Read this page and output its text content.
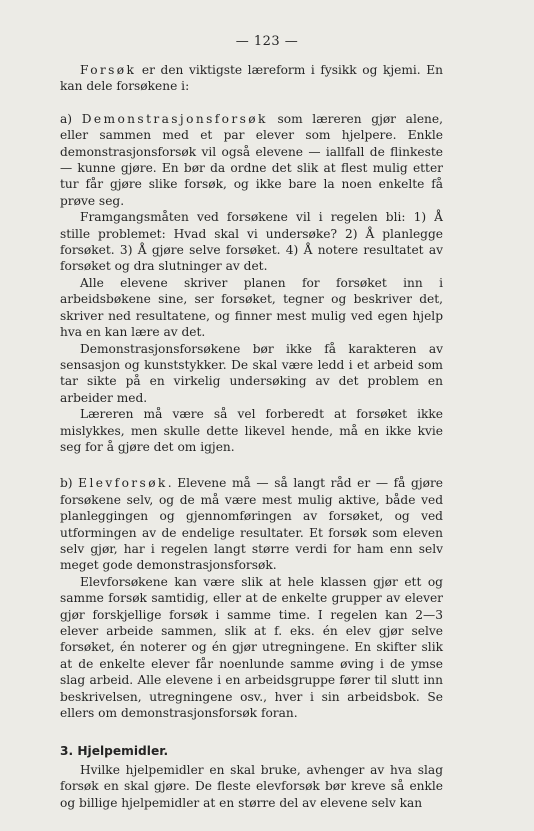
— 123 —

Forsøk er den viktigste læreform i fysikk og kjemi. En kan dele forsøkene i:

a) Demonstrasjonsforsøk som læreren gjør alene, eller sammen med et par elever som hjelpere. Enkle demonstrasjonsforsøk vil også elevene — iallfall de flinkeste — kunne gjøre. En bør da ordne det slik at flest mulig etter tur får gjøre slike forsøk, og ikke bare la noen enkelte få prøve seg.

Framgangsmåten ved forsøkene vil i regelen bli: 1) Å stille problemet: Hvad skal vi undersøke? 2) Å planlegge forsøket. 3) Å gjøre selve forsøket. 4) Å notere resultatet av forsøket og dra slutninger av det.

Alle elevene skriver planen for forsøket inn i arbeidsbøkene sine, ser forsøket, tegner og beskriver det, skriver ned resultatene, og finner mest mulig ved egen hjelp hva en kan lære av det.

Demonstrasjonsforsøkene bør ikke få karakteren av sensasjon og kunststykker. De skal være ledd i et arbeid som tar sikte på en virkelig undersøking av det problem en arbeider med.

Læreren må være så vel forberedt at forsøket ikke mislykkes, men skulle dette likevel hende, må en ikke kvie seg for å gjøre det om igjen.

b) Elevforsøk. Elevene må — så langt råd er — få gjøre forsøkene selv, og de må være mest mulig aktive, både ved planleggingen og gjennomføringen av forsøket, og ved utformingen av de endelige resultater. Et forsøk som eleven selv gjør, har i regelen langt større verdi for ham enn selv meget gode demonstrasjonsforsøk.

Elevforsøkene kan være slik at hele klassen gjør ett og samme forsøk samtidig, eller at de enkelte grupper av elever gjør forskjellige forsøk i samme time. I regelen kan 2—3 elever arbeide sammen, slik at f. eks. én elev gjør selve forsøket, én noterer og én gjør utregningene. En skifter slik at de enkelte elever får noenlunde samme øving i de ymse slag arbeid. Alle elevene i en arbeidsgruppe fører til slutt inn beskrivelsen, utregningene osv., hver i sin arbeidsbok. Se ellers om demonstrasjonsforsøk foran.

3. Hjelpemidler.

Hvilke hjelpemidler en skal bruke, avhenger av hva slag forsøk en skal gjøre. De fleste elevforsøk bør kreve så enkle og billige hjelpemidler at en større del av elevene selv kan
